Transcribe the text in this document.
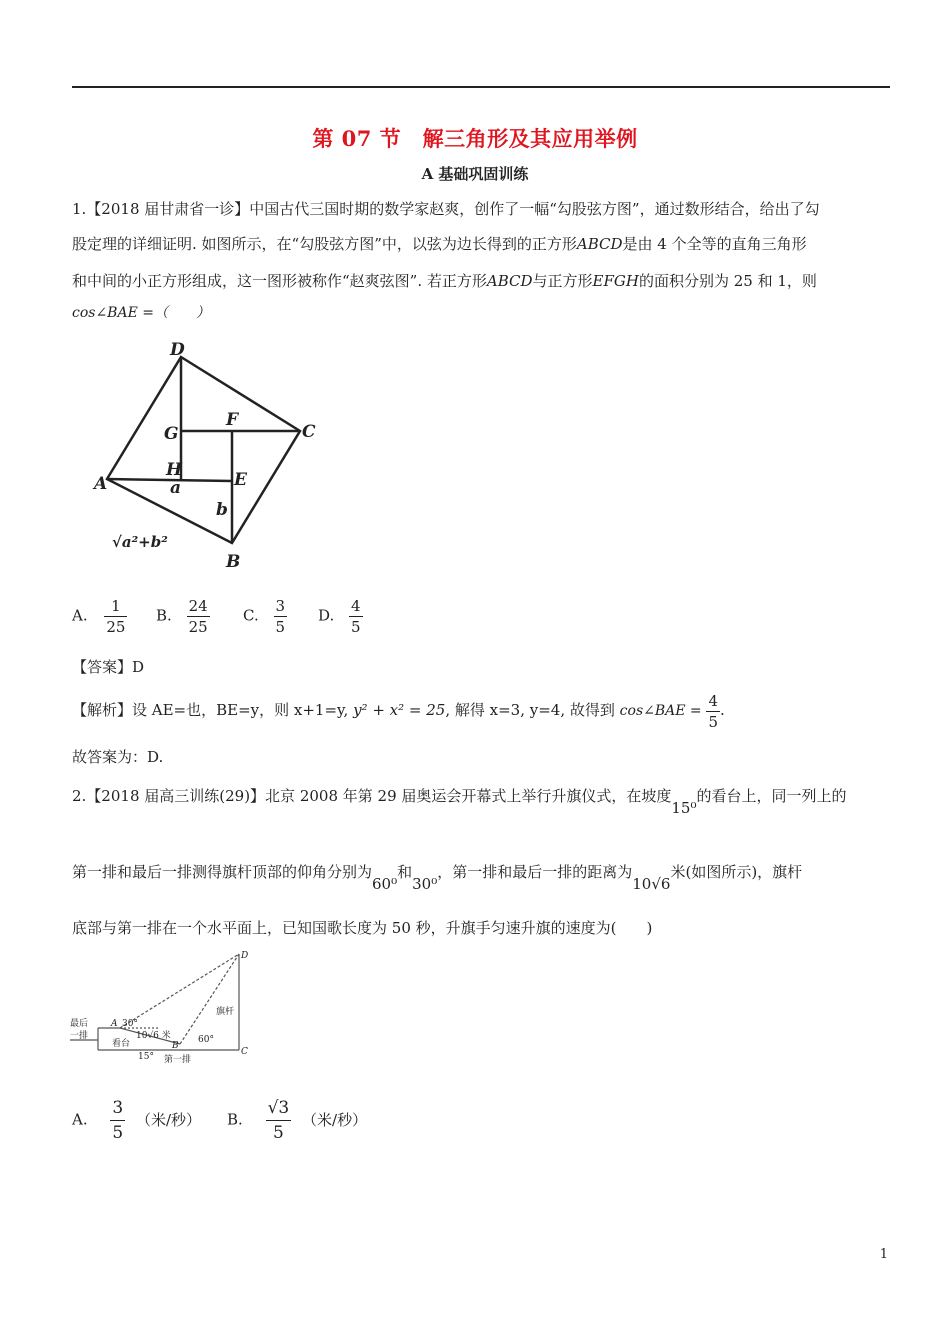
第 07 节　解三角形及其应用举例
A 基础巩固训练
1.【2018 届甘肃省一诊】中国古代三国时期的数学家赵爽，创作了一幅“勾股弦方图”，通过数形结合，给出了勾
股定理的详细证明. 如图所示，在“勾股弦方图”中，以弦为边长得到的正方形ABCD是由 4 个全等的直角三角形
和中间的小正方形组成，这一图形被称作“赵爽弦图”. 若正方形ABCD与正方形EFGH的面积分别为 25 和 1，则
cos∠BAE =（　　）
D
F
G	C
H	E
A	a
b
B
√a²+b²
A. $\frac{1}{25} B$. $\frac{24}{25} C$. $\frac{3}{5} D$. $\frac{4}{5}$
【答案】D
【解析】设 AE=也，BE=y，则 x+1=y, y² + x² = 25, 解得 x=3, y=4, 故得到 cos∠BAE = $\frac{4}{5}$ .
故答案为：D.
2.【2018 届高三训练(29)】北京 2008 年第 29 届奥运会开幕式上举行升旗仪式，在坡度15⁰的看台上，同一列上的
第一排和最后一排测得旗杆顶部的仰角分别为60⁰和30⁰，第一排和最后一排的距离为10√6米(如图所示)，旗杆
底部与第一排在一个水平面上，已知国歌长度为 50 秒，升旗手匀速升旗的速度为(　　)
D
C
最后
一排
A 30°
10√6 米
看台	B
15° 第一排
旗杆
60°
A. $\frac{3}{5}$ （米/秒） B. $\frac{√3}{5}$ （米/秒）
1
